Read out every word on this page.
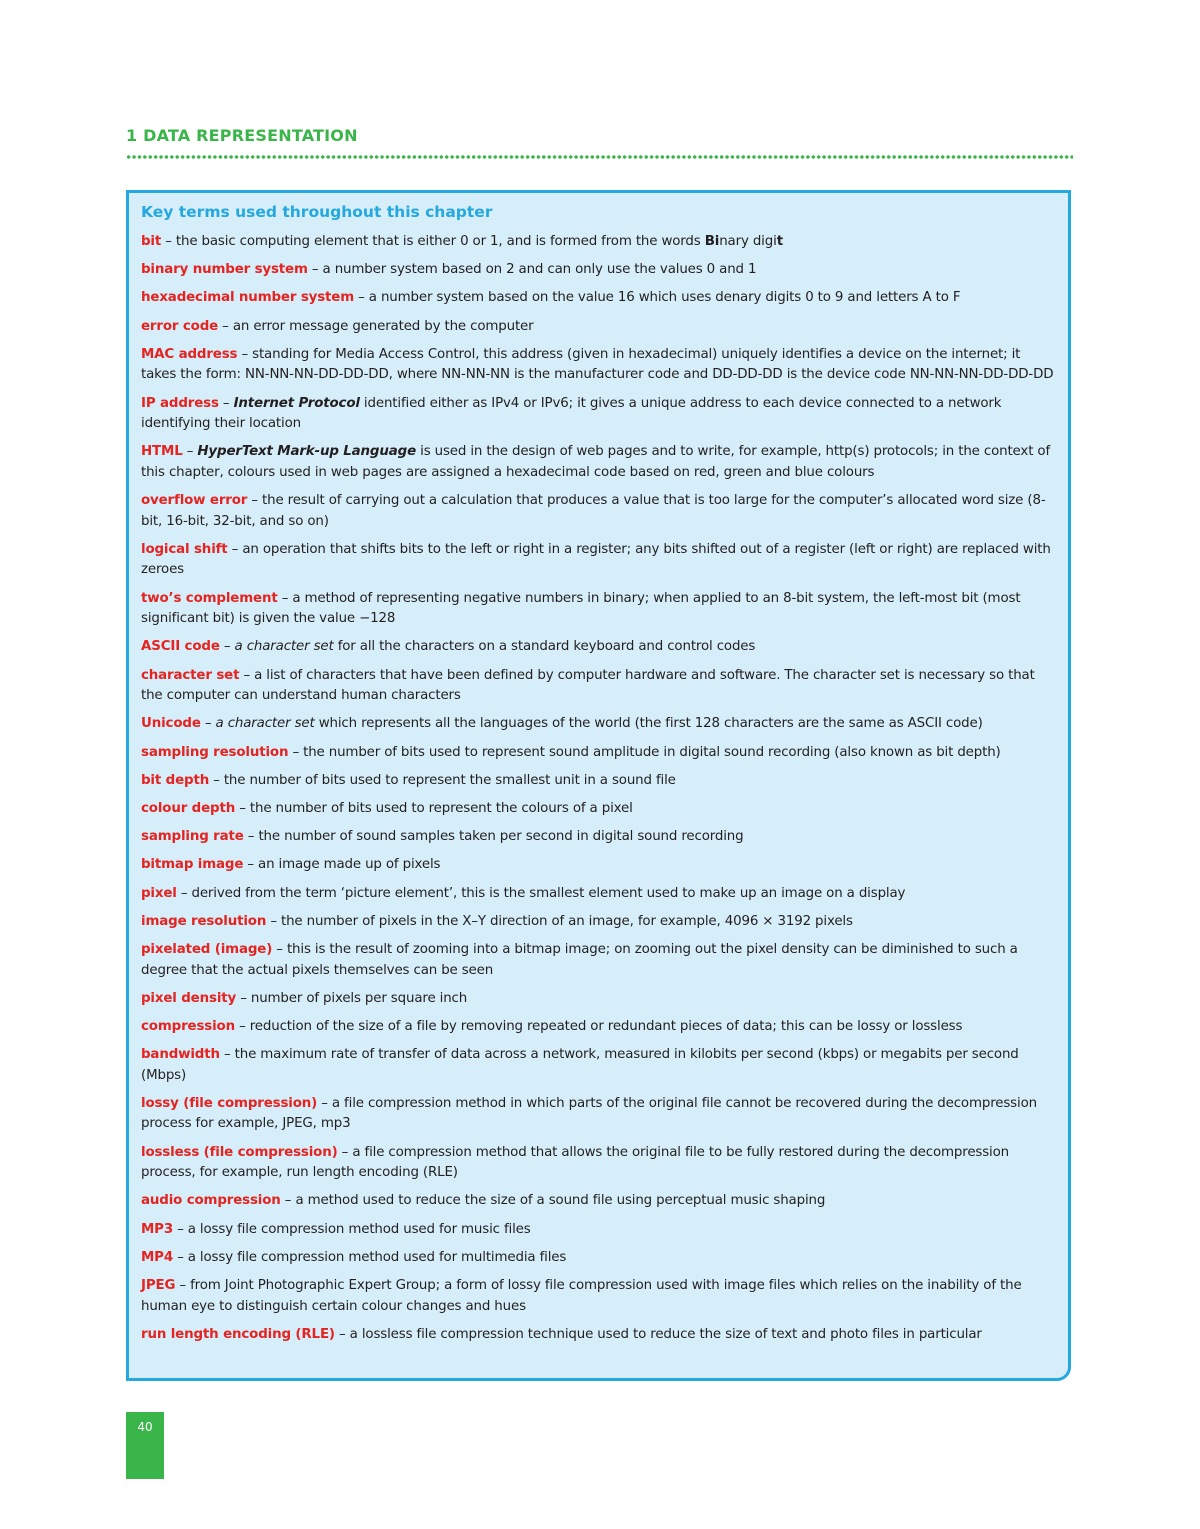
1 DATA REPRESENTATION
Key terms used throughout this chapter

bit – the basic computing element that is either 0 or 1, and is formed from the words Binary digit

binary number system – a number system based on 2 and can only use the values 0 and 1

hexadecimal number system – a number system based on the value 16 which uses denary digits 0 to 9 and letters A to F

error code – an error message generated by the computer

MAC address – standing for Media Access Control, this address (given in hexadecimal) uniquely identifies a device on the internet; it takes the form: NN-NN-NN-DD-DD-DD, where NN-NN-NN is the manufacturer code and DD-DD-DD is the device code NN-NN-NN-DD-DD-DD

IP address – Internet Protocol identified either as IPv4 or IPv6; it gives a unique address to each device connected to a network identifying their location

HTML – HyperText Mark-up Language is used in the design of web pages and to write, for example, http(s) protocols; in the context of this chapter, colours used in web pages are assigned a hexadecimal code based on red, green and blue colours

overflow error – the result of carrying out a calculation that produces a value that is too large for the computer’s allocated word size (8-bit, 16-bit, 32-bit, and so on)

logical shift – an operation that shifts bits to the left or right in a register; any bits shifted out of a register (left or right) are replaced with zeroes

two’s complement – a method of representing negative numbers in binary; when applied to an 8-bit system, the left-most bit (most significant bit) is given the value −128

ASCII code – a character set for all the characters on a standard keyboard and control codes

character set – a list of characters that have been defined by computer hardware and software. The character set is necessary so that the computer can understand human characters

Unicode – a character set which represents all the languages of the world (the first 128 characters are the same as ASCII code)

sampling resolution – the number of bits used to represent sound amplitude in digital sound recording (also known as bit depth)

bit depth – the number of bits used to represent the smallest unit in a sound file

colour depth – the number of bits used to represent the colours of a pixel

sampling rate – the number of sound samples taken per second in digital sound recording

bitmap image – an image made up of pixels

pixel – derived from the term ‘picture element’, this is the smallest element used to make up an image on a display

image resolution – the number of pixels in the X–Y direction of an image, for example, 4096 × 3192 pixels

pixelated (image) – this is the result of zooming into a bitmap image; on zooming out the pixel density can be diminished to such a degree that the actual pixels themselves can be seen

pixel density – number of pixels per square inch

compression – reduction of the size of a file by removing repeated or redundant pieces of data; this can be lossy or lossless

bandwidth – the maximum rate of transfer of data across a network, measured in kilobits per second (kbps) or megabits per second (Mbps)

lossy (file compression) – a file compression method in which parts of the original file cannot be recovered during the decompression process for example, JPEG, mp3

lossless (file compression) – a file compression method that allows the original file to be fully restored during the decompression process, for example, run length encoding (RLE)

audio compression – a method used to reduce the size of a sound file using perceptual music shaping

MP3 – a lossy file compression method used for music files

MP4 – a lossy file compression method used for multimedia files

JPEG – from Joint Photographic Expert Group; a form of lossy file compression used with image files which relies on the inability of the human eye to distinguish certain colour changes and hues

run length encoding (RLE) – a lossless file compression technique used to reduce the size of text and photo files in particular

40
